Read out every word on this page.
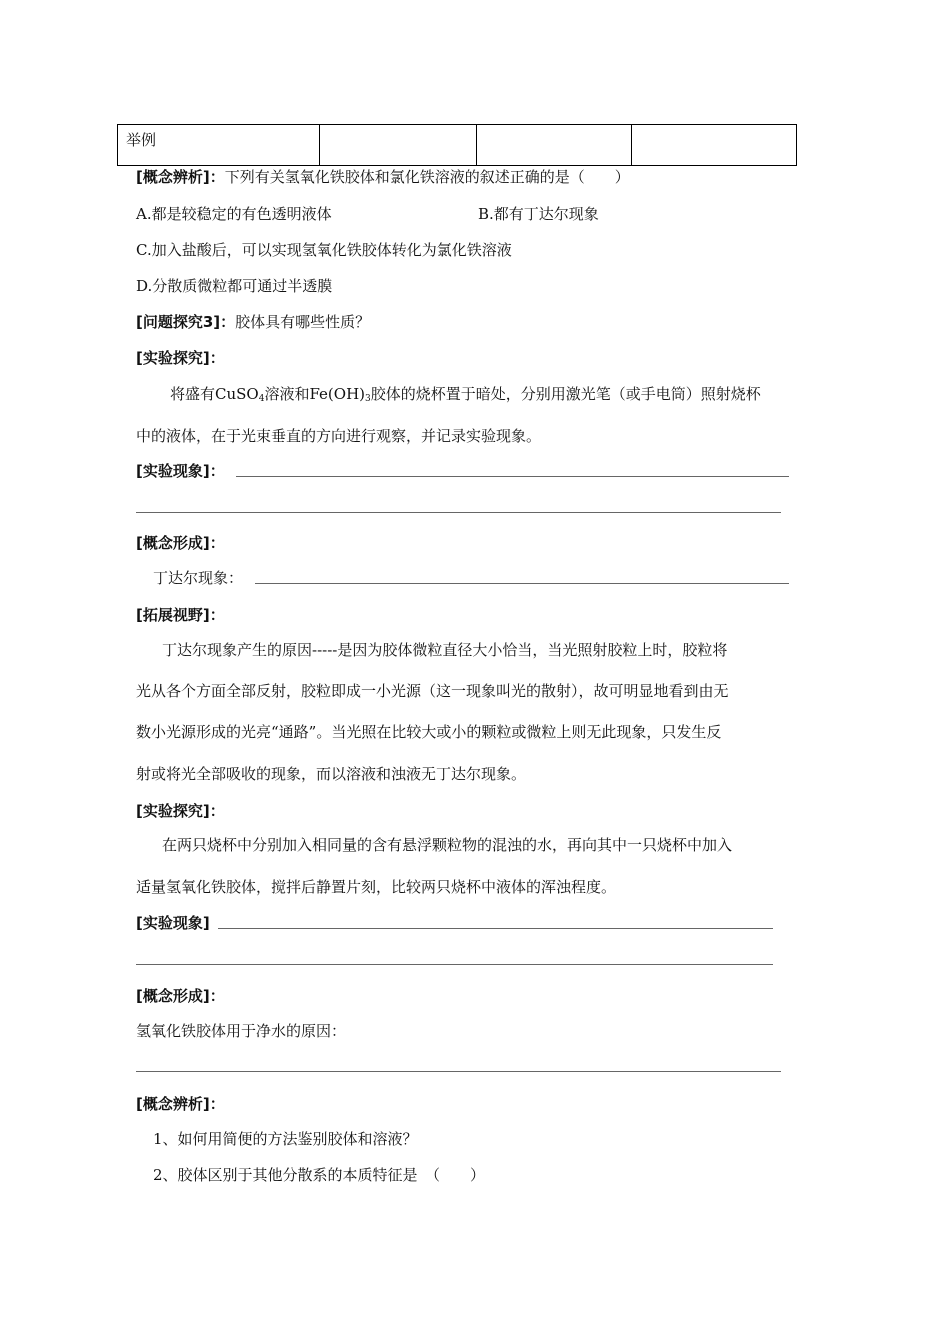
举例			
[概念辨析]：下列有关氢氧化铁胶体和氯化铁溶液的叙述正确的是（　　）
A.都是较稳定的有色透明液体	B.都有丁达尔现象
C.加入盐酸后，可以实现氢氧化铁胶体转化为氯化铁溶液
D.分散质微粒都可通过半透膜
[问题探究3]：胶体具有哪些性质？
[实验探究]：
将盛有CuSO$_4$溶液和$Fe(OH)_3$胶体的烧杯置于暗处，分别用激光笔（或手电筒）照射烧杯
中的液体，在于光束垂直的方向进行观察，并记录实验现象。
[实验现象]：
[概念形成]：
丁达尔现象：
[拓展视野]：
丁达尔现象产生的原因-----是因为胶体微粒直径大小恰当，当光照射胶粒上时，胶粒将
光从各个方面全部反射，胶粒即成一小光源（这一现象叫光的散射），故可明显地看到由无
数小光源形成的光亮“通路”。当光照在比较大或小的颗粒或微粒上则无此现象，只发生反
射或将光全部吸收的现象，而以溶液和浊液无丁达尔现象。
[实验探究]：
在两只烧杯中分别加入相同量的含有悬浮颗粒物的混浊的水，再向其中一只烧杯中加入
适量氢氧化铁胶体，搅拌后静置片刻，比较两只烧杯中液体的浑浊程度。
[实验现象]
[概念形成]：
氢氧化铁胶体用于净水的原因：
[概念辨析]：
1、如何用简便的方法鉴别胶体和溶液？
2、胶体区别于其他分散系的本质特征是　（　　）
